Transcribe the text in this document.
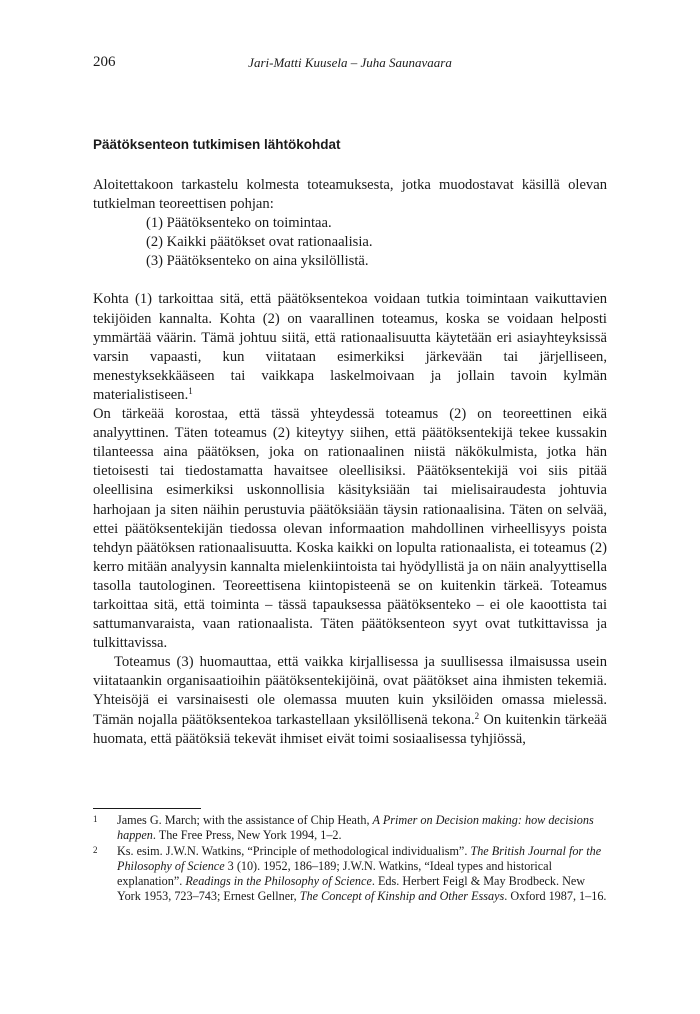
206	Jari-Matti Kuusela – Juha Saunavaara
Päätöksenteon tutkimisen lähtökohdat

Aloitettakoon tarkastelu kolmesta toteamuksesta, jotka muodostavat käsillä olevan tutkielman teoreettisen pohjan:

(1) Päätöksenteko on toimintaa.
(2) Kaikki päätökset ovat rationaalisia.
(3) Päätöksenteko on aina yksilöllistä.

Kohta (1) tarkoittaa sitä, että päätöksentekoa voidaan tutkia toimintaan vaikuttavien tekijöiden kannalta. Kohta (2) on vaarallinen toteamus, koska se voidaan helposti ymmärtää väärin. Tämä johtuu siitä, että rationaalisuutta käytetään eri asiayhteyksissä varsin vapaasti, kun viitataan esimerkiksi järkevään tai järjelliseen, menestyksekkääseen tai vaikkapa laskelmoivaan ja jollain tavoin kylmän materialistiseen.$^1$
On tärkeää korostaa, että tässä yhteydessä toteamus (2) on teoreettinen eikä analyyttinen. Täten toteamus (2) kiteytyy siihen, että päätöksentekijä tekee kussakin tilanteessa aina päätöksen, joka on rationaalinen niistä näkökulmista, jotka hän tietoisesti tai tiedostamatta havaitsee oleellisiksi. Päätöksentekijä voi siis pitää oleellisina esimerkiksi uskonnollisia käsityksiään tai mielisairaudesta johtuvia harhojaan ja siten näihin perustuvia päätöksiään täysin rationaalisina. Täten on selvää, ettei päätöksentekijän tiedossa olevan informaation mahdollinen virheellisyys poista tehdyn päätöksen rationaalisuutta. Koska kaikki on lopulta rationaalista, ei toteamus (2) kerro mitään analyysin kannalta mielenkiintoista tai hyödyllistä ja on näin analyyttisella tasolla tautologinen. Teoreettisena kiintopisteenä se on kuitenkin tärkeä. Toteamus tarkoittaa sitä, että toiminta – tässä tapauksessa päätöksenteko – ei ole kaoottista tai sattumanvaraista, vaan rationaalista. Täten päätöksenteon syyt ovat tutkittavissa ja tulkittavissa.

Toteamus (3) huomauttaa, että vaikka kirjallisessa ja suullisessa ilmaisussa usein viitataankin organisaatioihin päätöksentekijöinä, ovat päätökset aina ihmisten tekemiä. Yhteisöjä ei varsinaisesti ole olemassa muuten kuin yksilöiden omassa mielessä. Tämän nojalla päätöksentekoa tarkastellaan yksilöllisenä tekona.$^2$ On kuitenkin tärkeää huomata, että päätöksiä tekevät ihmiset eivät toimi sosiaalisessa tyhjiössä,

1 James G. March; with the assistance of Chip Heath, A Primer on Decision making: how decisions happen. The Free Press, New York 1994, 1–2.
2 Ks. esim. J.W.N. Watkins, “Principle of methodological individualism”. The British Journal for the Philosophy of Science 3 (10). 1952, 186–189; J.W.N. Watkins, “Ideal types and historical explanation”. Readings in the Philosophy of Science. Eds. Herbert Feigl & May Brodbeck. New York 1953, 723–743; Ernest Gellner, The Concept of Kinship and Other Essays. Oxford 1987, 1–16.
